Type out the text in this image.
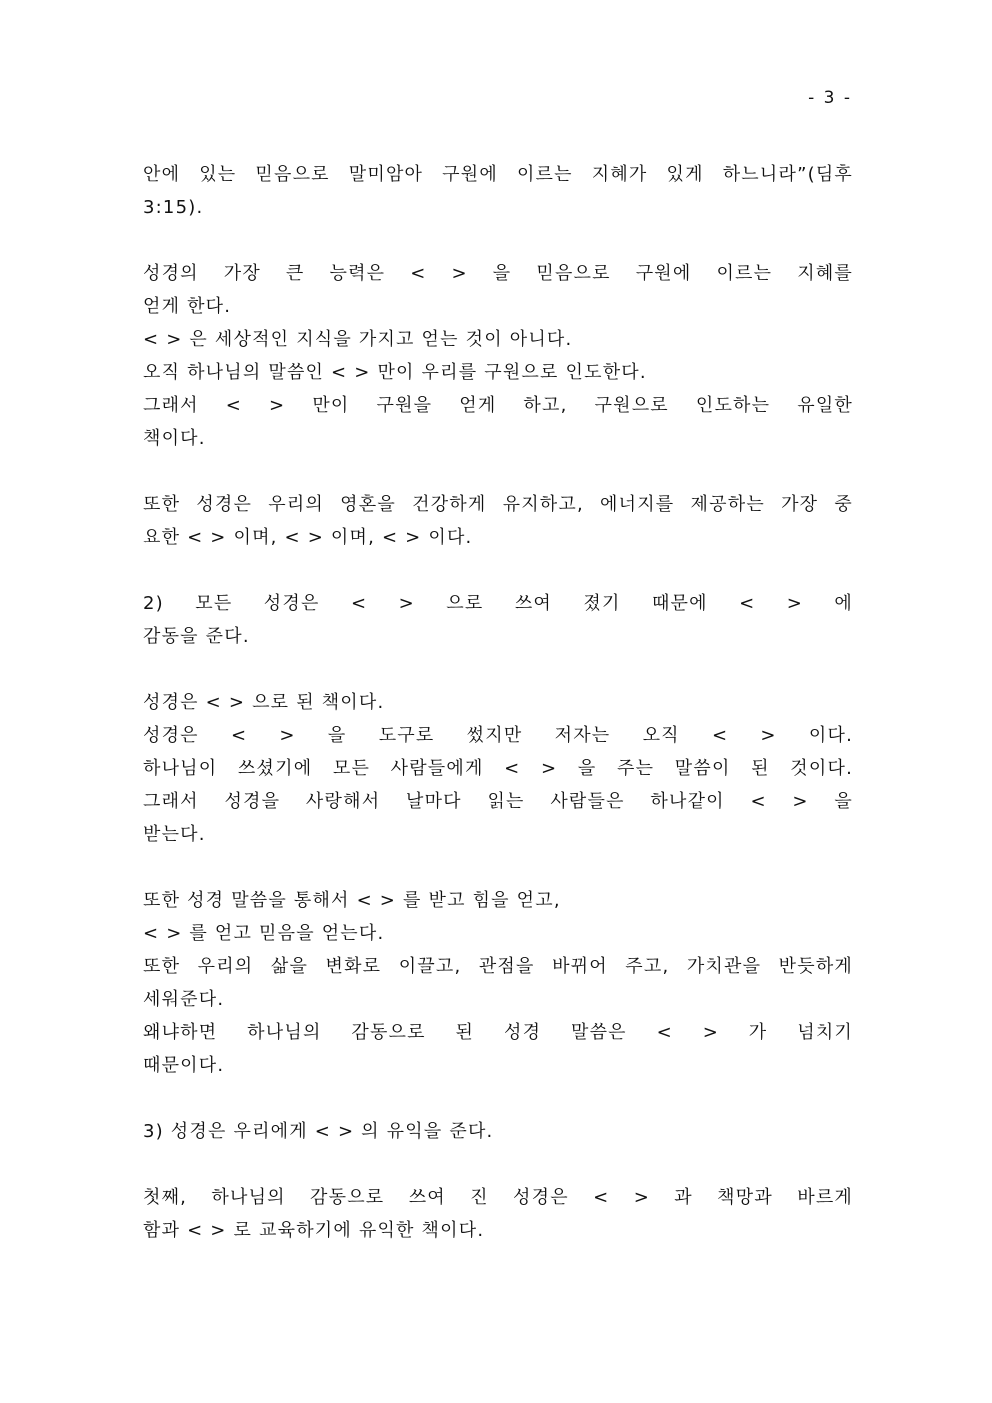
- 3 -
안에 있는 믿음으로 말미암아 구원에 이르는 지혜가 있게 하느니라”(딤후
3:15).
성경의 가장 큰 능력은 < > 을 믿음으로 구원에 이르는 지혜를
얻게 한다.
< > 은 세상적인 지식을 가지고 얻는 것이 아니다.
오직 하나님의 말씀인 < > 만이 우리를 구원으로 인도한다.
그래서 < > 만이 구원을 얻게 하고, 구원으로 인도하는 유일한
책이다.
또한 성경은 우리의 영혼을 건강하게 유지하고, 에너지를 제공하는 가장 중
요한 < > 이며, < > 이며, < > 이다.
2) 모든 성경은 < > 으로 쓰여 졌기 때문에 < > 에
감동을 준다.
성경은 < > 으로 된 책이다.
성경은 < > 을 도구로 썼지만 저자는 오직 < > 이다.
하나님이 쓰셨기에 모든 사람들에게 < > 을 주는 말씀이 된 것이다.
그래서 성경을 사랑해서 날마다 읽는 사람들은 하나같이 < > 을
받는다.
또한 성경 말씀을 통해서 < > 를 받고 힘을 얻고,
< > 를 얻고 믿음을 얻는다.
또한 우리의 삶을 변화로 이끌고, 관점을 바뀌어 주고, 가치관을 반듯하게
세워준다.
왜냐하면 하나님의 감동으로 된 성경 말씀은 < > 가 넘치기
때문이다.
3) 성경은 우리에게 < > 의 유익을 준다.
첫째, 하나님의 감동으로 쓰여 진 성경은 < > 과 책망과 바르게
함과 < > 로 교육하기에 유익한 책이다.
